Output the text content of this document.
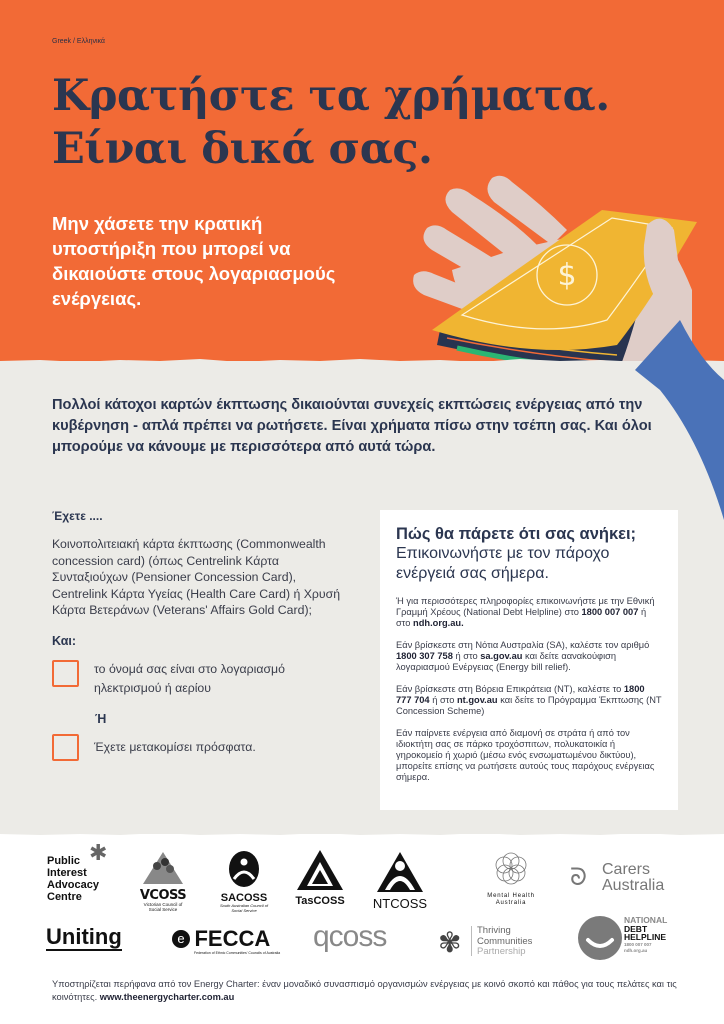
Greek / Ελληνικά
Κρατήστε τα χρήματα.
Είναι δικά σας.
Μην χάσετε την κρατική υποστήριξη που μπορεί να δικαιούστε στους λογαριασμούς ενέργειας.
$
Πολλοί κάτοχοι καρτών έκπτωσης δικαιούνται συνεχείς εκπτώσεις ενέργειας από την κυβέρνηση - απλά πρέπει να ρωτήσετε. Είναι χρήματα πίσω στην τσέπη σας. Και όλοι μπορούμε να κάνουμε με περισσότερα από αυτά τώρα.
Έχετε ....
Κοινοπολιτειακή κάρτα έκπτωσης (Commonwealth concession card) (όπως Centrelink Κάρτα Συνταξιούχων (Pensioner Concession Card), Centrelink Κάρτα Υγείας (Health Care Card) ή Χρυσή Κάρτα Βετεράνων (Veterans' Affairs Gold Card);
Και:
το όνομά σας είναι στο λογαριασμό ηλεκτρισμού ή αερίου
Ή
Έχετε μετακομίσει πρόσφατα.
Πώς θα πάρετε ότι σας ανήκει;
Επικοινωνήστε με τον πάροχο ενέργειά σας σήμερα.

Ή για περισσότερες πληροφορίες επικοινωνήστε με την Εθνική Γραμμή Χρέους (National Debt Helpline) στο 1800 007 007 ή στο ndh.org.au.

Εάν βρίσκεστε στη Νότια Αυστραλία (SA), καλέστε τον αριθμό 1800 307 758 ή στο sa.gov.au και δείτε ααναkούφιση λογαριασμού Ενέργειας (Energy bill relief).

Εάν βρίσκεστε στη Βόρεια Επικράτεια (NT), καλέστε το 1800 777 704 ή στο nt.gov.au και δείτε το Πρόγραμμα Έκπτωσης (NT Concession Scheme)

Εάν παίρνετε ενέργεια από διαμονή σε στράτα ή από τον ιδιοκτήτη σας σε πάρκο τροχόσπιτων, πολυκατοικία ή γηροκομείο ή χωριό (μέσω ενός ενσωματωμένου δικτύου), μπορείτε επίσης να ρωτήσετε αυτούς τους παρόχους ενέργειας σήμερα.

Public
Interest
Advocacy
Centre
✱
VCOSS
Victorian Council of Social Service
SACOSS
South Australian Council of Social Service
TasCOSS	NTCOSS	Mental Health Australia
ᘐ Carers
Australia
Uniting	e FECCA
Federation of Ethnic Communities' Councils of Australia qcoss ✾ Thriving
Communities
Partnership
NATIONAL
DEBT
HELPLINE
1800 007 007
ndh.org.au
Υποστηρίζεται περήφανα από τον Energy Charter: έναν μοναδικό συνασπισμό οργανισμών ενέργειας με κοινό σκοπό και πάθος για τους πελάτες και τις κοινότητες. www.theenergycharter.com.au
